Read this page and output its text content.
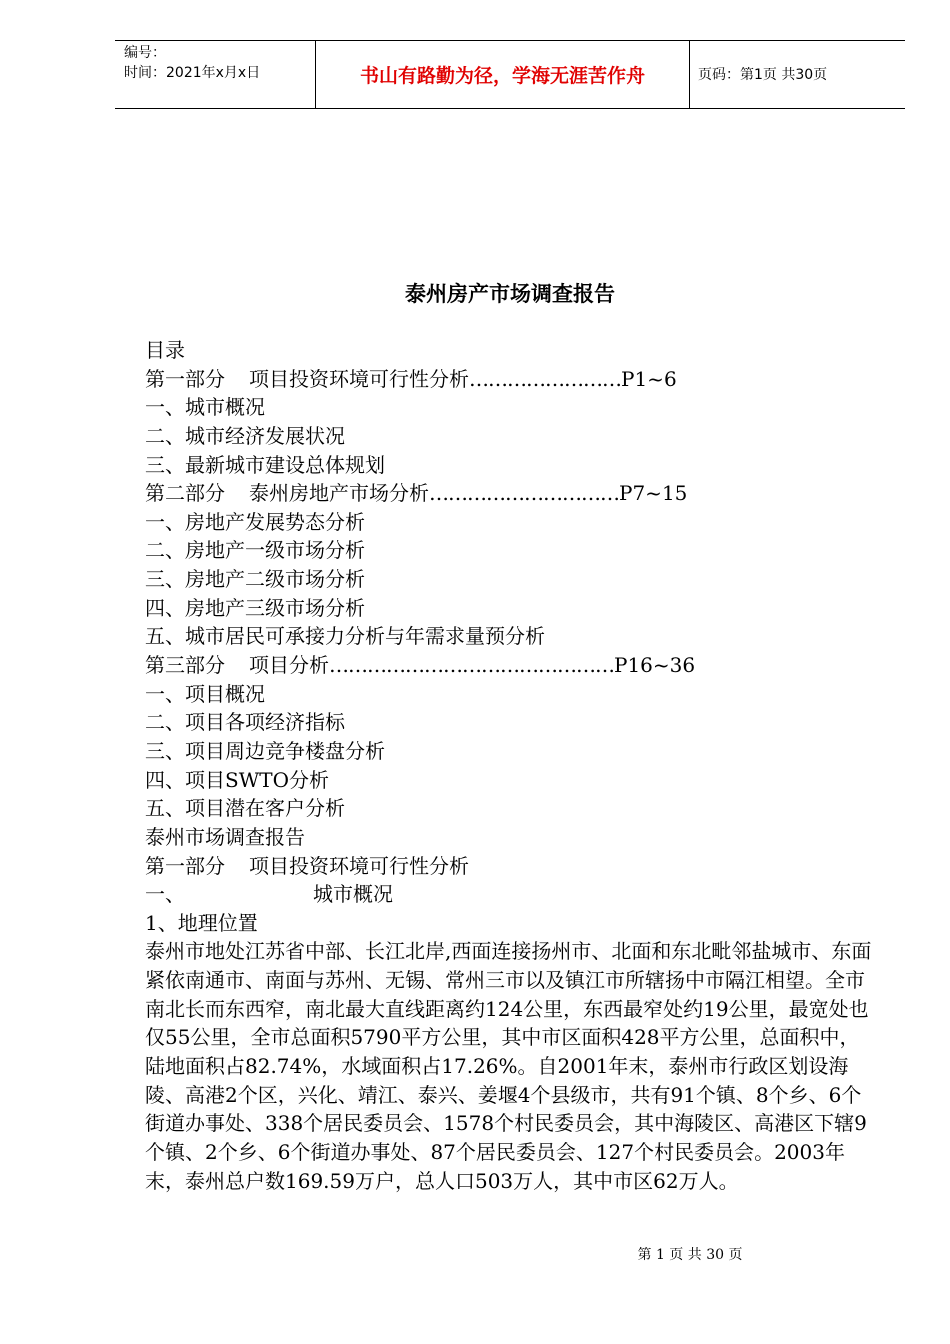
编号：
时间：2021年x月x日	书山有路勤为径，学海无涯苦作舟	页码：第1页 共30页
泰州房产市场调查报告
目录
第一部分 项目投资环境可行性分析……………………P1~6
一、城市概况
二、城市经济发展状况
三、最新城市建设总体规划
第二部分 泰州房地产市场分析…………………………P7~15
一、房地产发展势态分析
二、房地产一级市场分析
三、房地产二级市场分析
四、房地产三级市场分析
五、城市居民可承接力分析与年需求量预分析
第三部分 项目分析………………………………………P16~36
一、项目概况
二、项目各项经济指标
三、项目周边竞争楼盘分析
四、项目SWTO分析
五、项目潜在客户分析
泰州市场调查报告
第一部分 项目投资环境可行性分析
一、	城市概况
1、地理位置
泰州市地处江苏省中部、长江北岸,西面连接扬州市、北面和东北毗邻盐城市、东面紧依南通市、南面与苏州、无锡、常州三市以及镇江市所辖扬中市隔江相望。全市南北长而东西窄，南北最大直线距离约124公里，东西最窄处约19公里，最宽处也仅55公里，全市总面积5790平方公里，其中市区面积428平方公里，总面积中，陆地面积占82.74%，水域面积占17.26%。自2001年末，泰州市行政区划设海陵、高港2个区，兴化、靖江、泰兴、姜堰4个县级市，共有91个镇、8个乡、6个街道办事处、338个居民委员会、1578个村民委员会，其中海陵区、高港区下辖9个镇、2个乡、6个街道办事处、87个居民委员会、127个村民委员会。2003年末，泰州总户数169.59万户，总人口503万人，其中市区62万人。
第 1 页 共 30 页
